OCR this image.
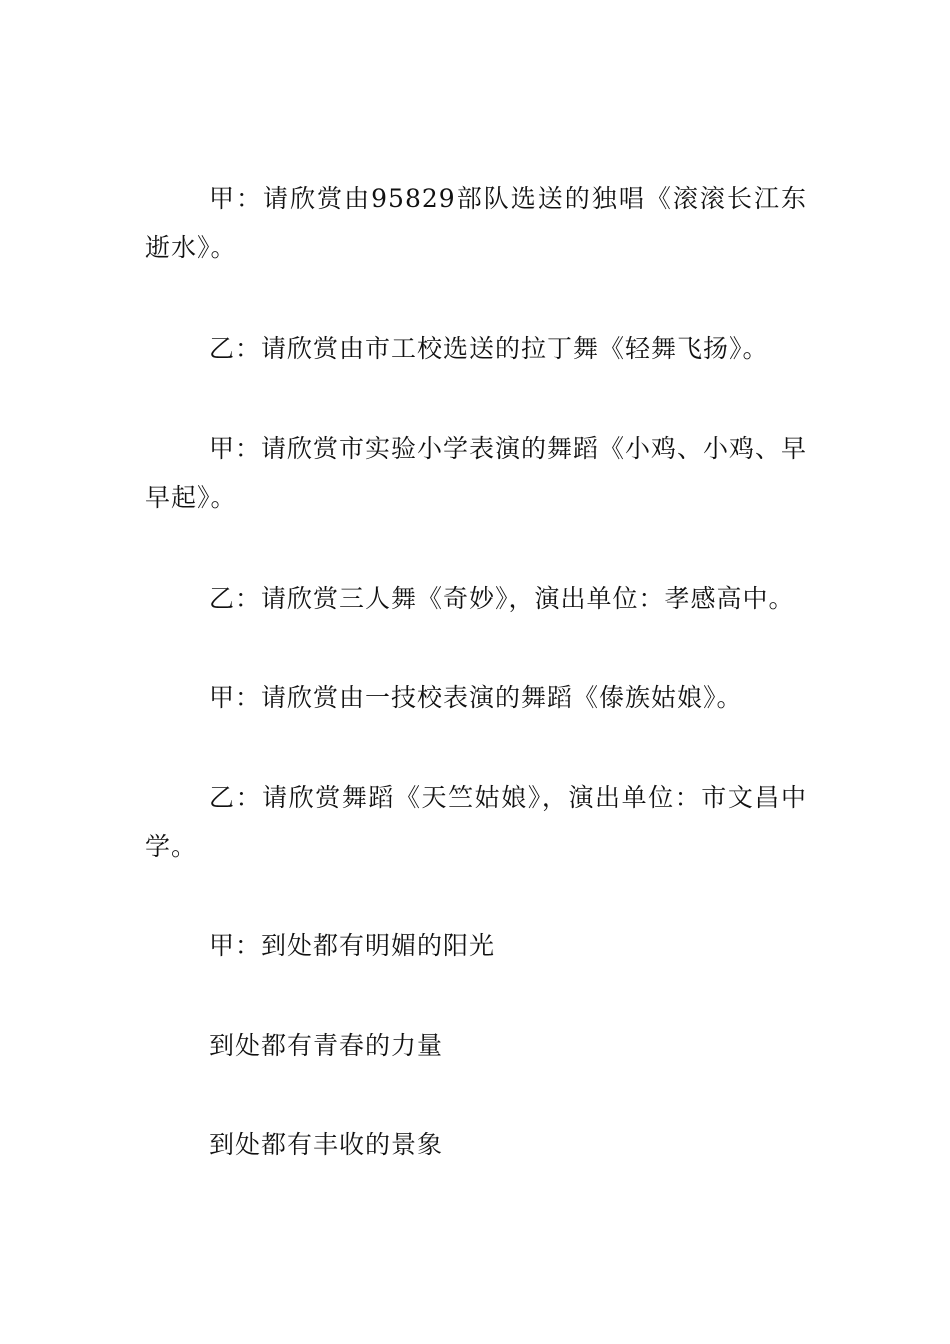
甲：请欣赏由95829部队选送的独唱《滚滚长江东逝水》。

乙：请欣赏由市工校选送的拉丁舞《轻舞飞扬》。

甲：请欣赏市实验小学表演的舞蹈《小鸡、小鸡、早早起》。

乙：请欣赏三人舞《奇妙》，演出单位：孝感高中。

甲：请欣赏由一技校表演的舞蹈《傣族姑娘》。

乙：请欣赏舞蹈《天竺姑娘》，演出单位：市文昌中学。

甲：到处都有明媚的阳光

到处都有青春的力量

到处都有丰收的景象
